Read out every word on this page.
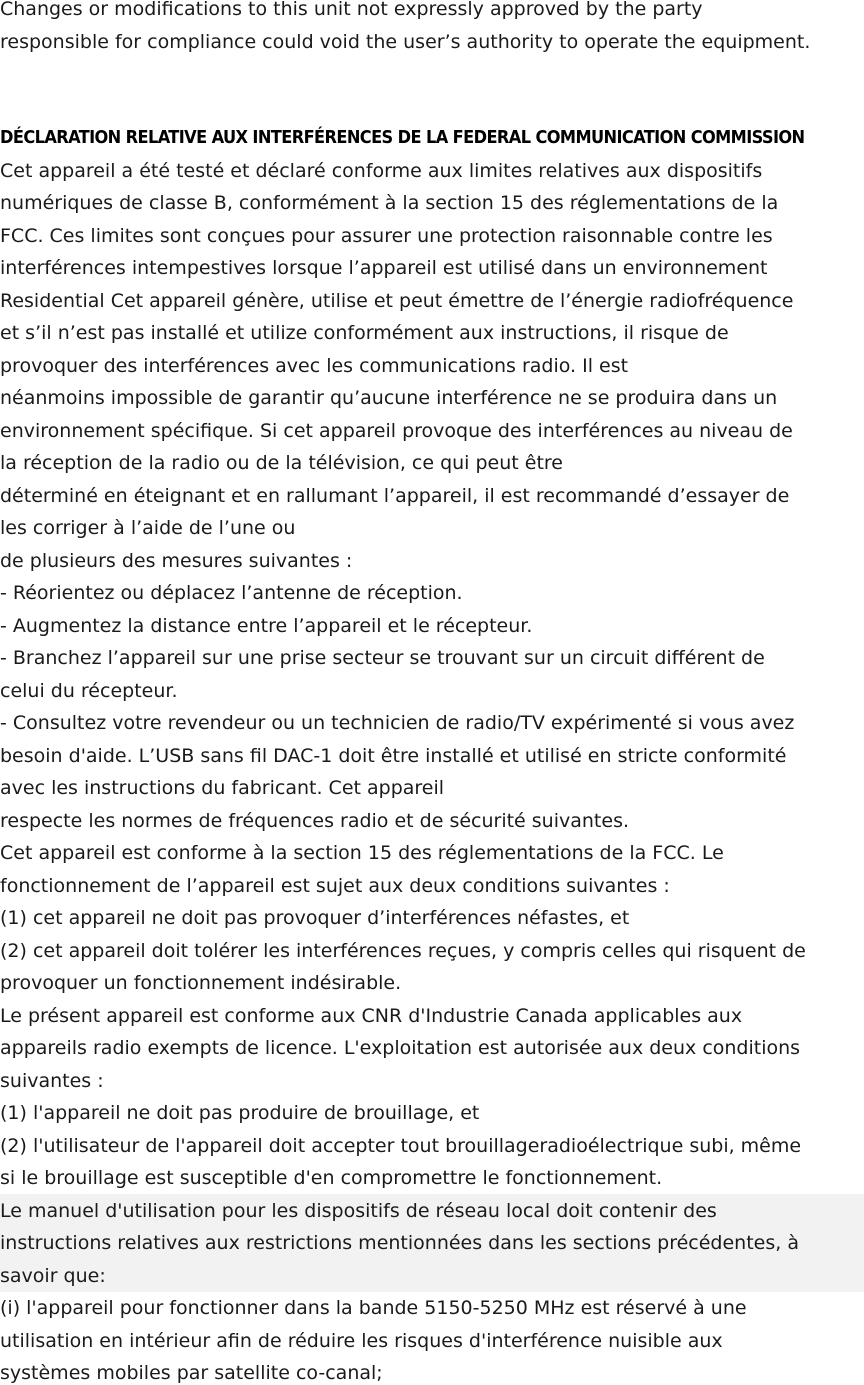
Changes or modifications to this unit not expressly approved by the party
responsible for compliance could void the user’s authority to operate the equipment.
DÉCLARATION RELATIVE AUX INTERFÉRENCES DE LA FEDERAL COMMUNICATION COMMISSION
Cet appareil a été testé et déclaré conforme aux limites relatives aux dispositifs
numériques de classe B, conformément à la section 15 des réglementations de la
FCC. Ces limites sont conçues pour assurer une protection raisonnable contre les
interférences intempestives lorsque l’appareil est utilisé dans un environnement
Residential Cet appareil génère, utilise et peut émettre de l’énergie radiofréquence
et s’il n’est pas installé et utilize conformément aux instructions, il risque de
provoquer des interférences avec les communications radio. Il est
néanmoins impossible de garantir qu’aucune interférence ne se produira dans un
environnement spécifique. Si cet appareil provoque des interférences au niveau de
la réception de la radio ou de la télévision, ce qui peut être
déterminé en éteignant et en rallumant l’appareil, il est recommandé d’essayer de
les corriger à l’aide de l’une ou
de plusieurs des mesures suivantes :
- Réorientez ou déplacez l’antenne de réception.
- Augmentez la distance entre l’appareil et le récepteur.
- Branchez l’appareil sur une prise secteur se trouvant sur un circuit différent de
celui du récepteur.
- Consultez votre revendeur ou un technicien de radio/TV expérimenté si vous avez
besoin d'aide. L’USB sans fil DAC-1 doit être installé et utilisé en stricte conformité
avec les instructions du fabricant. Cet appareil
respecte les normes de fréquences radio et de sécurité suivantes.
Cet appareil est conforme à la section 15 des réglementations de la FCC. Le
fonctionnement de l’appareil est sujet aux deux conditions suivantes :
(1) cet appareil ne doit pas provoquer d’interférences néfastes, et
(2) cet appareil doit tolérer les interférences reçues, y compris celles qui risquent de
provoquer un fonctionnement indésirable.
Le présent appareil est conforme aux CNR d'Industrie Canada applicables aux
appareils radio exempts de licence. L'exploitation est autorisée aux deux conditions
suivantes :
(1) l'appareil ne doit pas produire de brouillage, et
(2) l'utilisateur de l'appareil doit accepter tout brouillageradioélectrique subi, même
si le brouillage est susceptible d'en compromettre le fonctionnement.
Le manuel d'utilisation pour les dispositifs de réseau local doit contenir des
instructions relatives aux restrictions mentionnées dans les sections précédentes, à
savoir que:
(i) l'appareil pour fonctionner dans la bande 5150-5250 MHz est réservé à une
utilisation en intérieur afin de réduire les risques d'interférence nuisible aux
systèmes mobiles par satellite co-canal;
